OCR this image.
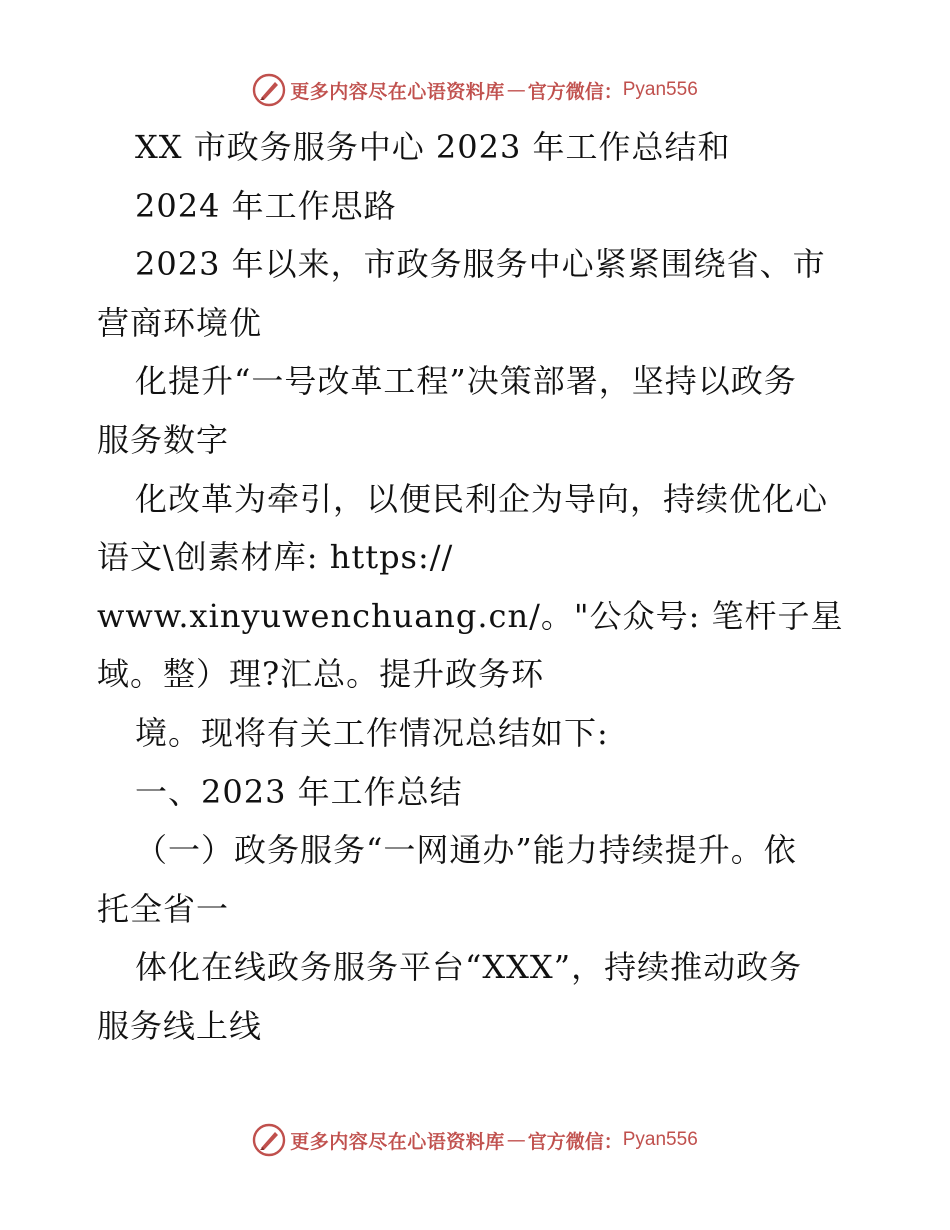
更多内容尽在心语资料库 — 官方微信： Pyan556
XX 市政务服务中心 2023 年工作总结和
2024 年工作思路
2023 年以来，市政务服务中心紧紧围绕省、市
营商环境优
化提升“一号改革工程”决策部署，坚持以政务
服务数字
化改革为牵引，以便民利企为导向，持续优化心
语文\创素材库: https://
www.xinyuwenchuang.cn/。"公众号: 笔杆子星
域。整）理?汇总。提升政务环
境。现将有关工作情况总结如下:
一、2023 年工作总结
（一）政务服务“一网通办”能力持续提升。依
托全省一
体化在线政务服务平台“XXX”，持续推动政务
服务线上线
更多内容尽在心语资料库 — 官方微信： Pyan556
